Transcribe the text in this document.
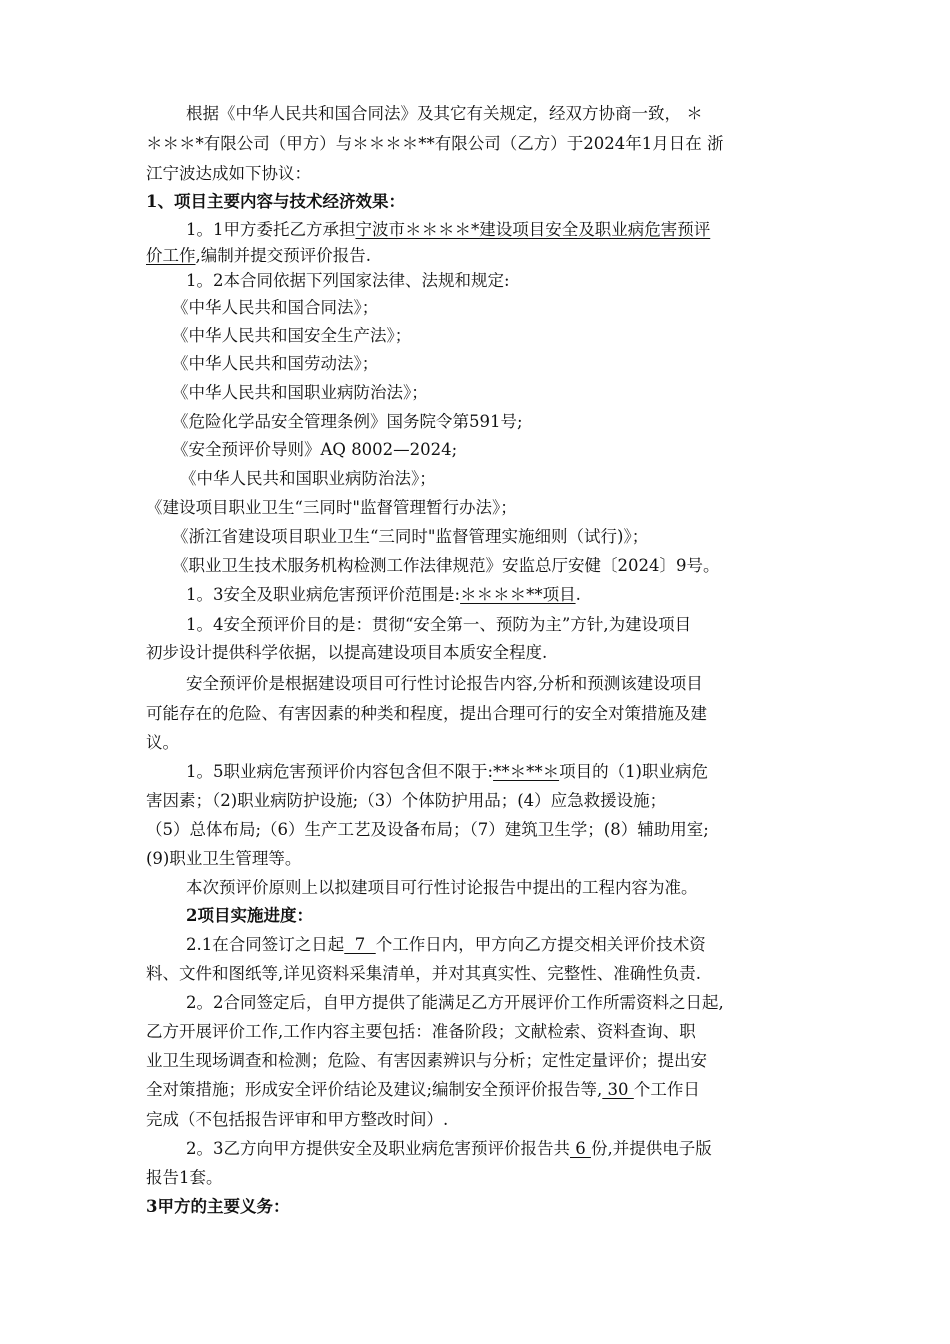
根据《中华人民共和国合同法》及其它有关规定，经双方协商一致， ＊
＊＊＊*有限公司（甲方）与＊＊＊＊**有限公司（乙方）于2024年1月日在 浙
江宁波达成如下协议：
1、项目主要内容与技术经济效果：
1。1甲方委托乙方承担宁波市＊＊＊＊*建设项目安全及职业病危害预评
价工作,编制并提交预评价报告.
1。2本合同依据下列国家法律、法规和规定:
《中华人民共和国合同法》；
《中华人民共和国安全生产法》；
《中华人民共和国劳动法》；
《中华人民共和国职业病防治法》；
《危险化学品安全管理条例》国务院令第591号;
《安全预评价导则》AQ 8002—2024;
《中华人民共和国职业病防治法》；
《建设项目职业卫生“三同时"监督管理暂行办法》；
《浙江省建设项目职业卫生“三同时"监督管理实施细则（试行)》；
《职业卫生技术服务机构检测工作法律规范》安监总厅安健〔2024〕9号。
1。3安全及职业病危害预评价范围是:＊＊＊＊**项目.
1。4安全预评价目的是：贯彻“安全第一、预防为主”方针,为建设项目
初步设计提供科学依据，以提高建设项目本质安全程度.
安全预评价是根据建设项目可行性讨论报告内容,分析和预测该建设项目
可能存在的危险、有害因素的种类和程度，提出合理可行的安全对策措施及建
议。
1。5职业病危害预评价内容包含但不限于:**＊**＊项目的（1)职业病危
害因素；（2)职业病防护设施;（3）个体防护用品；(4）应急救援设施；
（5）总体布局;（6）生产工艺及设备布局；（7）建筑卫生学；(8）辅助用室;
(9)职业卫生管理等。
本次预评价原则上以拟建项目可行性讨论报告中提出的工程内容为准。
2项目实施进度：
2.1在合同签订之日起  7  个工作日内，甲方向乙方提交相关评价技术资
料、文件和图纸等,详见资料采集清单，并对其真实性、完整性、准确性负责.
2。2合同签定后，自甲方提供了能满足乙方开展评价工作所需资料之日起,
乙方开展评价工作,工作内容主要包括：准备阶段；文献检索、资料查询、职
业卫生现场调查和检测；危险、有害因素辨识与分析；定性定量评价；提出安
全对策措施；形成安全评价结论及建议;编制安全预评价报告等, 30 个工作日
完成（不包括报告评审和甲方整改时间）.
2。3乙方向甲方提供安全及职业病危害预评价报告共 6 份,并提供电子版
报告1套。
3甲方的主要义务：
